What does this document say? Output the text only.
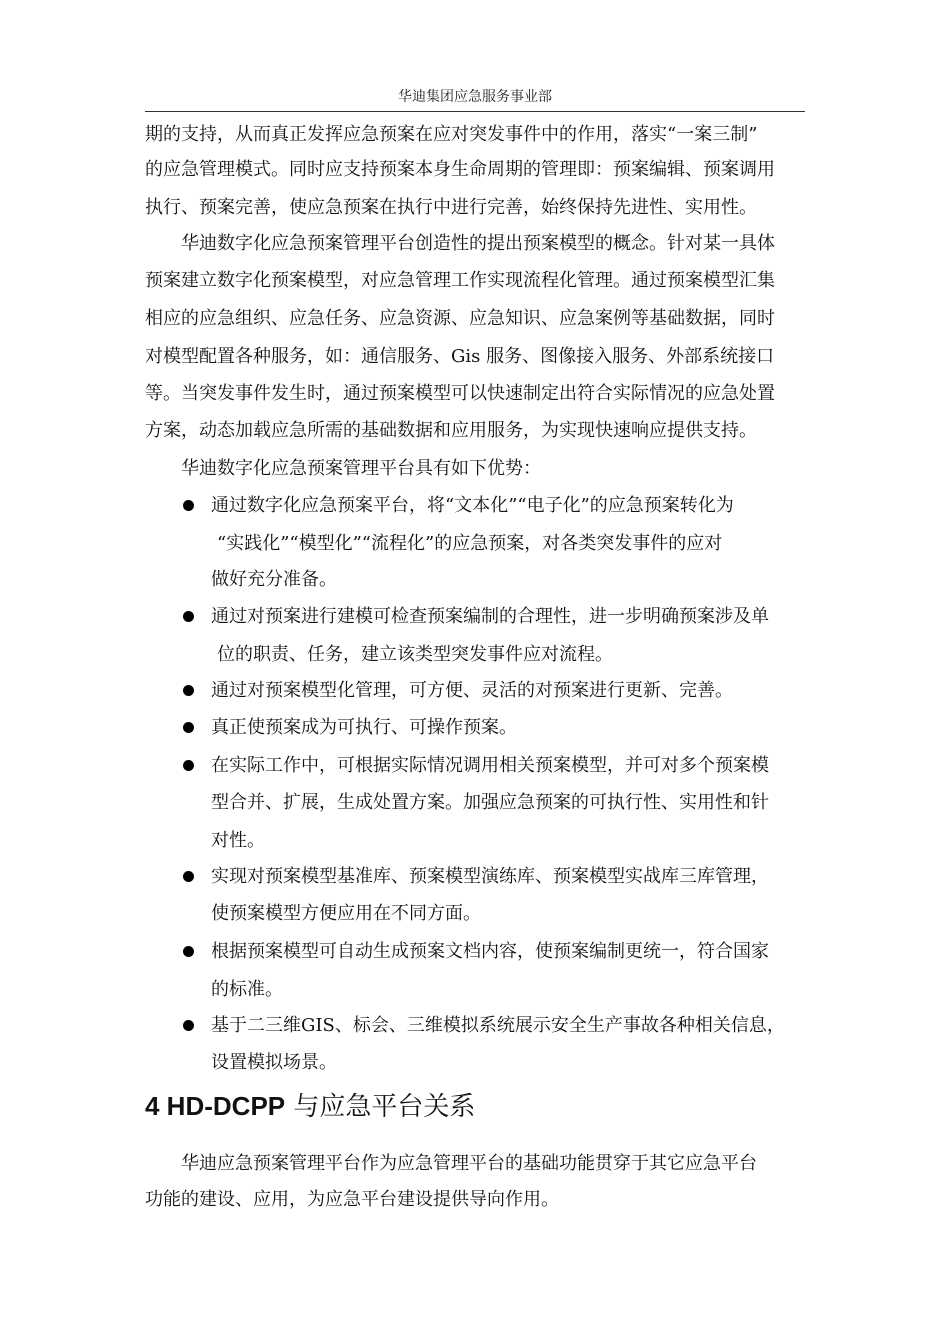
华迪集团应急服务事业部
期的支持，从而真正发挥应急预案在应对突发事件中的作用，落实“一案三制”
的应急管理模式。同时应支持预案本身生命周期的管理即：预案编辑、预案调用
执行、预案完善，使应急预案在执行中进行完善，始终保持先进性、实用性。
华迪数字化应急预案管理平台创造性的提出预案模型的概念。针对某一具体
预案建立数字化预案模型，对应急管理工作实现流程化管理。通过预案模型汇集
相应的应急组织、应急任务、应急资源、应急知识、应急案例等基础数据，同时
对模型配置各种服务，如：通信服务、Gis 服务、图像接入服务、外部系统接口
等。当突发事件发生时，通过预案模型可以快速制定出符合实际情况的应急处置
方案，动态加载应急所需的基础数据和应用服务，为实现快速响应提供支持。
华迪数字化应急预案管理平台具有如下优势：
通过数字化应急预案平台，将“文本化”“电子化”的应急预案转化为
“实践化”“模型化”“流程化”的应急预案，对各类突发事件的应对
做好充分准备。
通过对预案进行建模可检查预案编制的合理性，进一步明确预案涉及单
位的职责、任务，建立该类型突发事件应对流程。
通过对预案模型化管理，可方便、灵活的对预案进行更新、完善。
真正使预案成为可执行、可操作预案。
在实际工作中，可根据实际情况调用相关预案模型，并可对多个预案模
型合并、扩展，生成处置方案。加强应急预案的可执行性、实用性和针
对性。
实现对预案模型基准库、预案模型演练库、预案模型实战库三库管理，
使预案模型方便应用在不同方面。
根据预案模型可自动生成预案文档内容，使预案编制更统一，符合国家
的标准。
基于二三维GIS、标会、三维模拟系统展示安全生产事故各种相关信息，
设置模拟场景。
4 HD-DCPP 与应急平台关系
华迪应急预案管理平台作为应急管理平台的基础功能贯穿于其它应急平台
功能的建设、应用，为应急平台建设提供导向作用。
